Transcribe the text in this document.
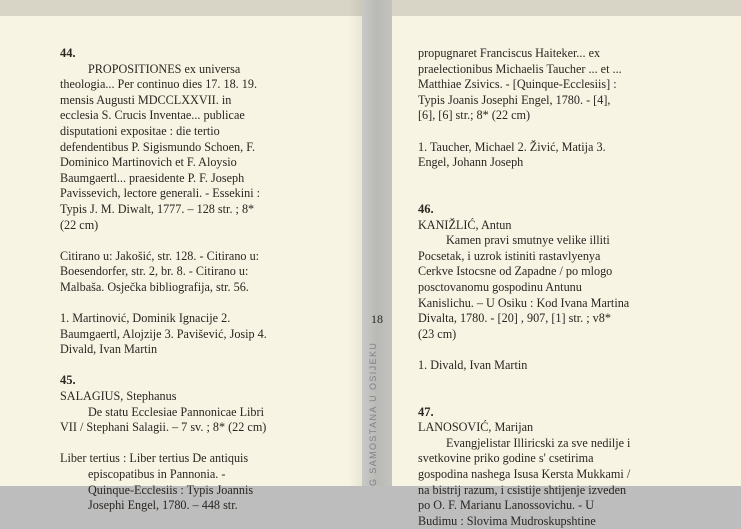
44.
PROPOSITIONES ex universa
theologia... Per continuo dies 17. 18. 19.
mensis Augusti MDCCLXXVII. in
ecclesia S. Crucis Inventae... publicae
disputationi expositae : die tertio
defendentibus P. Sigismundo Schoen, F.
Dominico Martinovich et F. Aloysio
Baumgaertl... praesidente P. F. Joseph
Pavissevich, lectore generali. - Essekini :
Typis J. M. Diwalt, 1777. – 128 str. ; 8*
(22 cm)
Citirano u: Jakošić, str. 128. - Citirano u:
Boesendorfer, str. 2, br. 8. - Citirano u:
Malbaša. Osječka bibliografija, str. 56.
1. Martinović, Dominik Ignacije 2.
Baumgaertl, Alojzije 3. Pavišević, Josip 4.
Divald, Ivan Martin
45.
SALAGIUS, Stephanus
De statu Ecclesiae Pannonicae Libri
VII / Stephani Salagii. – 7 sv. ; 8* (22 cm)
Liber tertius : Liber tertius De antiquis
episcopatibus in Pannonia. -
Quinque-Ecclesiis : Typis Joannis
Josephi Engel, 1780. – 448 str.
propugnaret Franciscus Haiteker... ex
praelectionibus Michaelis Taucher ... et ...
Matthiae Zsivics. - [Quinque-Ecclesiis] :
Typis Joanis Josephi Engel, 1780. - [4],
[6], [6] str.; 8* (22 cm)
1. Taucher, Michael 2. Živić, Matija 3.
Engel, Johann Joseph
46.
KANIŽLIĆ, Antun
Kamen pravi smutnye velike illiti
Pocsetak, i uzrok istiniti rastavlyenya
Cerkve Istocsne od Zapadne / po mlogo
posctovanomu gospodinu Antunu
Kanislichu. – U Osiku : Kod Ivana Martina
Divalta, 1780. - [20] , 907, [1] str. ; v8*
(23 cm)
1. Divald, Ivan Martin
47.
LANOSOVIĆ, Marijan
Evangjelistar Illiricski za sve nedilje i
svetkovine priko godine s' csetirima
gospodina nashega Isusa Kersta Mukkami /
na bistrij razum, i csistije shtijenje izveden
po O. F. Marianu Lanossovichu. - U
Budimu : Slovima Mudroskupshtine
18
G SAMOSTANA U OSIJEKU
